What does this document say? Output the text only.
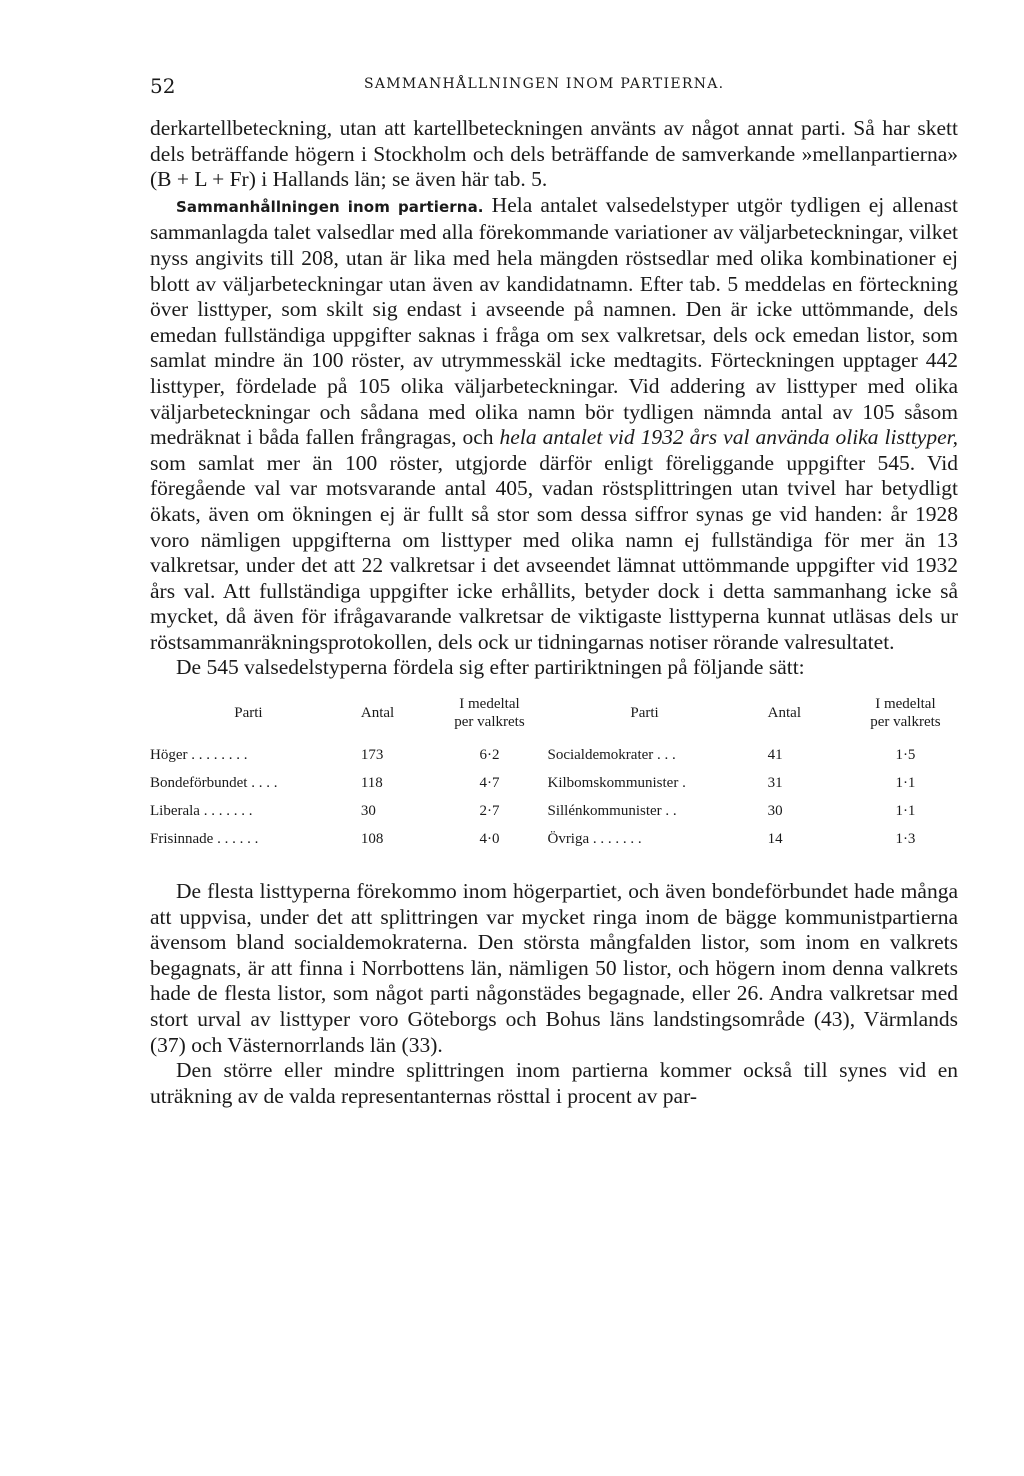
52	SAMMANHÅLLNINGEN INOM PARTIERNA.

derkartellbeteckning, utan att kartellbeteckningen använts av något annat parti. Så har skett dels beträffande högern i Stockholm och dels beträffande de samverkande »mellanpartierna» (B + L + Fr) i Hallands län; se även här tab. 5.

Sammanhållningen inom partierna. Hela antalet valsedelstyper utgör tydligen ej allenast sammanlagda talet valsedlar med alla förekommande variationer av väljarbeteckningar, vilket nyss angivits till 208, utan är lika med hela mängden röstsedlar med olika kombinationer ej blott av väljarbeteckningar utan även av kandidatnamn. Efter tab. 5 meddelas en förteckning över listtyper, som skilt sig endast i avseende på namnen. Den är icke uttömmande, dels emedan fullständiga uppgifter saknas i fråga om sex valkretsar, dels ock emedan listor, som samlat mindre än 100 röster, av utrymmesskäl icke medtagits. Förteckningen upptager 442 listtyper, fördelade på 105 olika väljarbeteckningar. Vid addering av listtyper med olika väljarbeteckningar och sådana med olika namn bör tydligen nämnda antal av 105 såsom medräknat i båda fallen frångragas, och hela antalet vid 1932 års val använda olika listtyper, som samlat mer än 100 röster, utgjorde därför enligt föreliggande uppgifter 545. Vid föregående val var motsvarande antal 405, vadan röstsplittringen utan tvivel har betydligt ökats, även om ökningen ej är fullt så stor som dessa siffror synas ge vid handen: år 1928 voro nämligen uppgifterna om listtyper med olika namn ej fullständiga för mer än 13 valkretsar, under det att 22 valkretsar i det avseendet lämnat uttömmande uppgifter vid 1932 års val. Att fullständiga uppgifter icke erhållits, betyder dock i detta sammanhang icke så mycket, då även för ifrågavarande valkretsar de viktigaste listtyperna kunnat utläsas dels ur röstsammanräkningsprotokollen, dels ock ur tidningarnas notiser rörande valresultatet.

De 545 valsedelstyperna fördela sig efter partiriktningen på följande sätt:

Parti	Antal	I medeltal
per valkrets		Parti	Antal	I medeltal
per valkrets
Höger . . . . . . . .	173	6·2		Socialdemokrater . . .	41	1·5
Bondeförbundet . . . .	118	4·7		Kilbomskommunister .	31	1·1
Liberala . . . . . . .	30	2·7		Sillénkommunister . .	30	1·1
Frisinnade . . . . . .	108	4·0		Övriga . . . . . . .	14	1·3

De flesta listtyperna förekommo inom högerpartiet, och även bondeförbundet hade många att uppvisa, under det att splittringen var mycket ringa inom de bägge kommunistpartierna ävensom bland socialdemokraterna. Den största mångfalden listor, som inom en valkrets begagnats, är att finna i Norrbottens län, nämligen 50 listor, och högern inom denna valkrets hade de flesta listor, som något parti någonstädes begagnade, eller 26. Andra valkretsar med stort urval av listtyper voro Göteborgs och Bohus läns landstingsområde (43), Värmlands (37) och Västernorrlands län (33).

Den större eller mindre splittringen inom partierna kommer också till synes vid en uträkning av de valda representanternas rösttal i procent av par-
